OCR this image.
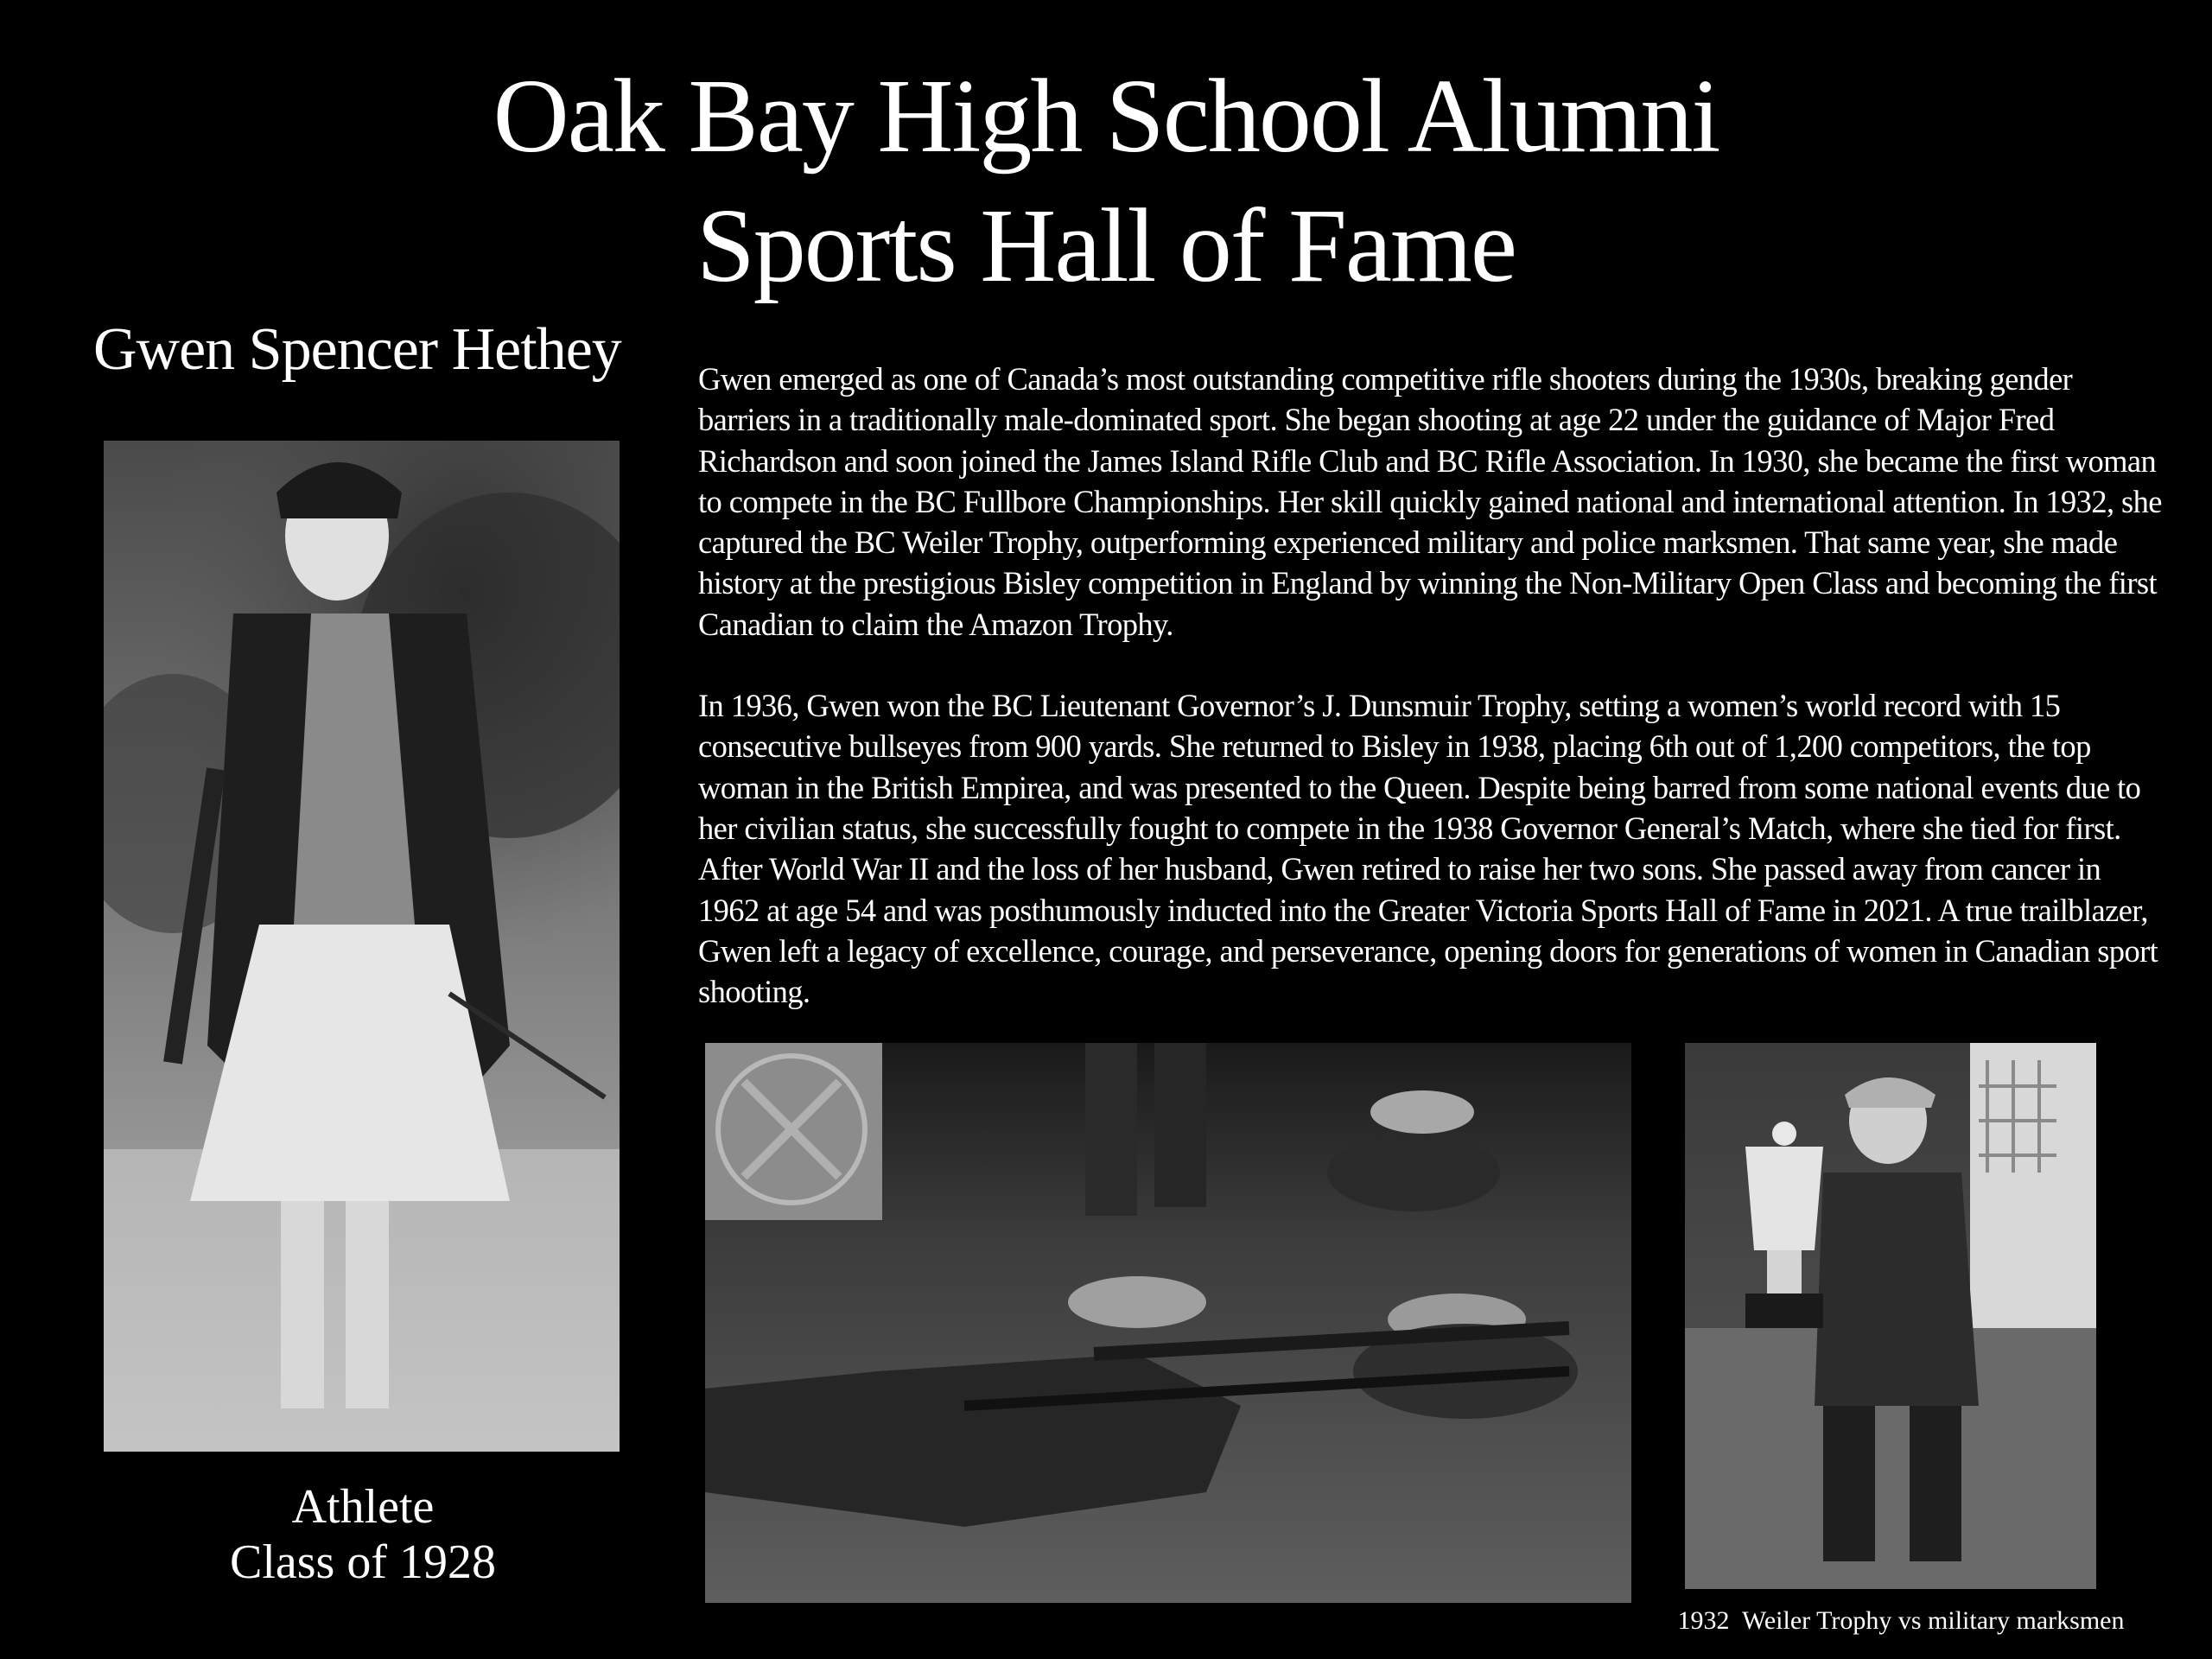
Oak Bay High School Alumni
Sports Hall of Fame
Gwen Spencer Hethey	Gwen emerged as one of Canada’s most outstanding competitive rifle shooters during the 1930s, breaking gender barriers in a traditionally male-dominated sport. She began shooting at age 22 under the guidance of Major Fred Richardson and soon joined the James Island Rifle Club and BC Rifle Association. In 1930, she became the first woman to compete in the BC Fullbore Championships. Her skill quickly gained national and international attention. In 1932, she captured the BC Weiler Trophy, outperforming experienced military and police marksmen. That same year, she made history at the prestigious Bisley competition in England by winning the Non-Military Open Class and becoming the first Canadian to claim the Amazon Trophy.

In 1936, Gwen won the BC Lieutenant Governor’s J. Dunsmuir Trophy, setting a women’s world record with 15 consecutive bullseyes from 900 yards. She returned to Bisley in 1938, placing 6th out of 1,200 competitors, the top woman in the British Empirea, and was presented to the Queen. Despite being barred from some national events due to her civilian status, she successfully fought to compete in the 1938 Governor General’s Match, where she tied for first. After World War II and the loss of her husband, Gwen retired to raise her two sons. She passed away from cancer in 1962 at age 54 and was posthumously inducted into the Greater Victoria Sports Hall of Fame in 2021. A true trailblazer, Gwen left a legacy of excellence, courage, and perseverance, opening doors for generations of women in Canadian sport shooting.

Athlete
Class of 1928
1932  Weiler Trophy vs military marksmen
